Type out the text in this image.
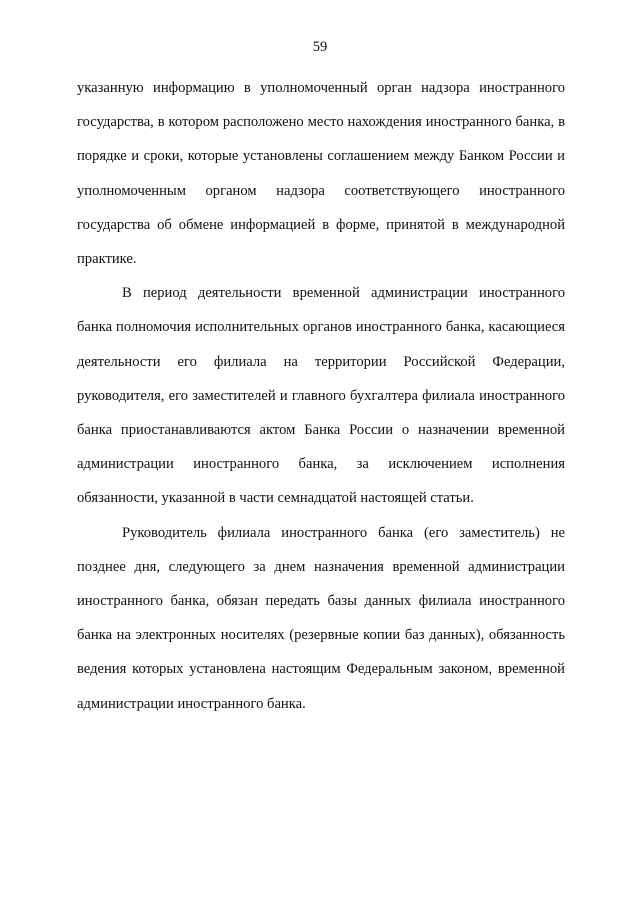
59

указанную информацию в уполномоченный орган надзора иностранного государства, в котором расположено место нахождения иностранного банка, в порядке и сроки, которые установлены соглашением между Банком России и уполномоченным органом надзора соответствующего иностранного государства об обмене информацией в форме, принятой в международной практике.

В период деятельности временной администрации иностранного банка полномочия исполнительных органов иностранного банка, касающиеся деятельности его филиала на территории Российской Федерации, руководителя, его заместителей и главного бухгалтера филиала иностранного банка приостанавливаются актом Банка России о назначении временной администрации иностранного банка, за исключением исполнения обязанности, указанной в части семнадцатой настоящей статьи.

Руководитель филиала иностранного банка (его заместитель) не позднее дня, следующего за днем назначения временной администрации иностранного банка, обязан передать базы данных филиала иностранного банка на электронных носителях (резервные копии баз данных), обязанность ведения которых установлена настоящим Федеральным законом, временной администрации иностранного банка.
